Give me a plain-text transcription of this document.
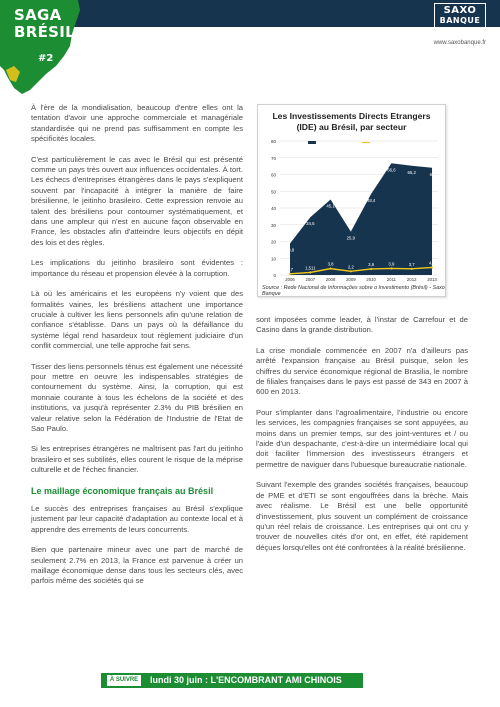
SAGA
BRÉSIL
#2
SAXO
BANQUE
www.saxobanque.fr

À l'ère de la mondialisation, beaucoup d'entre elles ont la tentation d'avoir une approche commerciale et managériale standardisée qui ne prend pas suffisamment en compte les spécificités locales.

C'est particulièrement le cas avec le Brésil qui est présenté comme un pays très ouvert aux influences occidentales. À tort. Les échecs d'entreprises étrangères dans le pays s'expliquent souvent par l'incapacité à intégrer la manière de faire brésilienne, le jeitinho brasileiro. Cette expression renvoie au talent des brésiliens pour contourner systématiquement, et dans une ampleur qui n'est en aucune façon observable en France, les obstacles afin d'atteindre leurs objectifs en dépit des lois et des règles.

Les implications du jeitinho brasileiro sont évidentes : importance du réseau et propension élevée à la corruption.

Là où les américains et les européens n'y voient que des formalités vaines, les brésiliens attachent une importance cruciale à cultiver les liens personnels afin qu'une relation de confiance s'établisse. Dans un pays où la défaillance du système légal rend hasardeux tout règlement judiciaire d'un conflit commercial, une telle approche fait sens.

Tisser des liens personnels ténus est également une nécessité pour mettre en oeuvre les indispensables stratégies de contournement du système. Ainsi, la corruption, qui est monnaie courante à tous les échelons de la société et des institutions, va jusqu'à représenter 2.3% du PIB brésilien en valeur relative selon la Fédération de l'Industrie de l'Etat de Sao Paulo.

Si les entreprises étrangères ne maîtrisent pas l'art du jeitinho brasileiro et ses subtilités, elles courent le risque de la méprise culturelle et de l'échec financier.

Le maillage économique français au Brésil

Le succès des entreprises françaises au Brésil s'explique justement par leur capacité d'adaptation au contexte local et à apprendre des errements de leurs concurrents.

Bien que partenaire mineur avec une part de marché de seulement 2.7% en 2013, la France est parvenue à créer un maillage économique dense dans tous les secteurs clés, avec parfois même des sociétés qui se

Les Investissements Directs Etrangers
(IDE) au Brésil, par secteur
0
10
20
30
40
50
60
70
80
18,8
34,5
45,1
25,9
48,4
66,6
65,2	64
0,7	1,511
3,8
2,2	3,6	3,9	3,7	4,5
2006 2007 2008 2009 2010	2011	2012 2013
IDE Total au Brésil	IDE Français au Brésil
Source : Rede Nacional de Informações sobre o Investimento (Brésil) - Saxo Banque

sont imposées comme leader, à l'instar de Carrefour et de Casino dans la grande distribution.

La crise mondiale commencée en 2007 n'a d'ailleurs pas arrêté l'expansion française au Brésil puisque, selon les chiffres du service économique régional de Brasilia, le nombre de filiales françaises dans le pays est passé de 343 en 2007 à 600 en 2013.

Pour s'implanter dans l'agroalimentaire, l'industrie ou encore les services, les compagnies françaises se sont appuyées, au moins dans un premier temps, sur des joint-ventures et / ou l'aide d'un despachante, c'est-à-dire un intermédiaire local qui doit faciliter l'immersion des investisseurs étrangers et permettre de naviguer dans l'ubuesque bureaucratie nationale.

Suivant l'exemple des grandes sociétés françaises, beaucoup de PME et d'ETI se sont engouffrées dans la brèche. Mais avec réalisme. Le Brésil est une belle opportunité d'investissement, plus souvent un complément de croissance qu'un réel relais de croissance. Les entreprises qui ont cru y trouver de nouvelles cités d'or ont, en effet, été rapidement déçues lorsqu'elles ont été confrontées à la réalité brésilienne.

À SUIVRE	lundi 30 juin : L'ENCOMBRANT AMI CHINOIS
